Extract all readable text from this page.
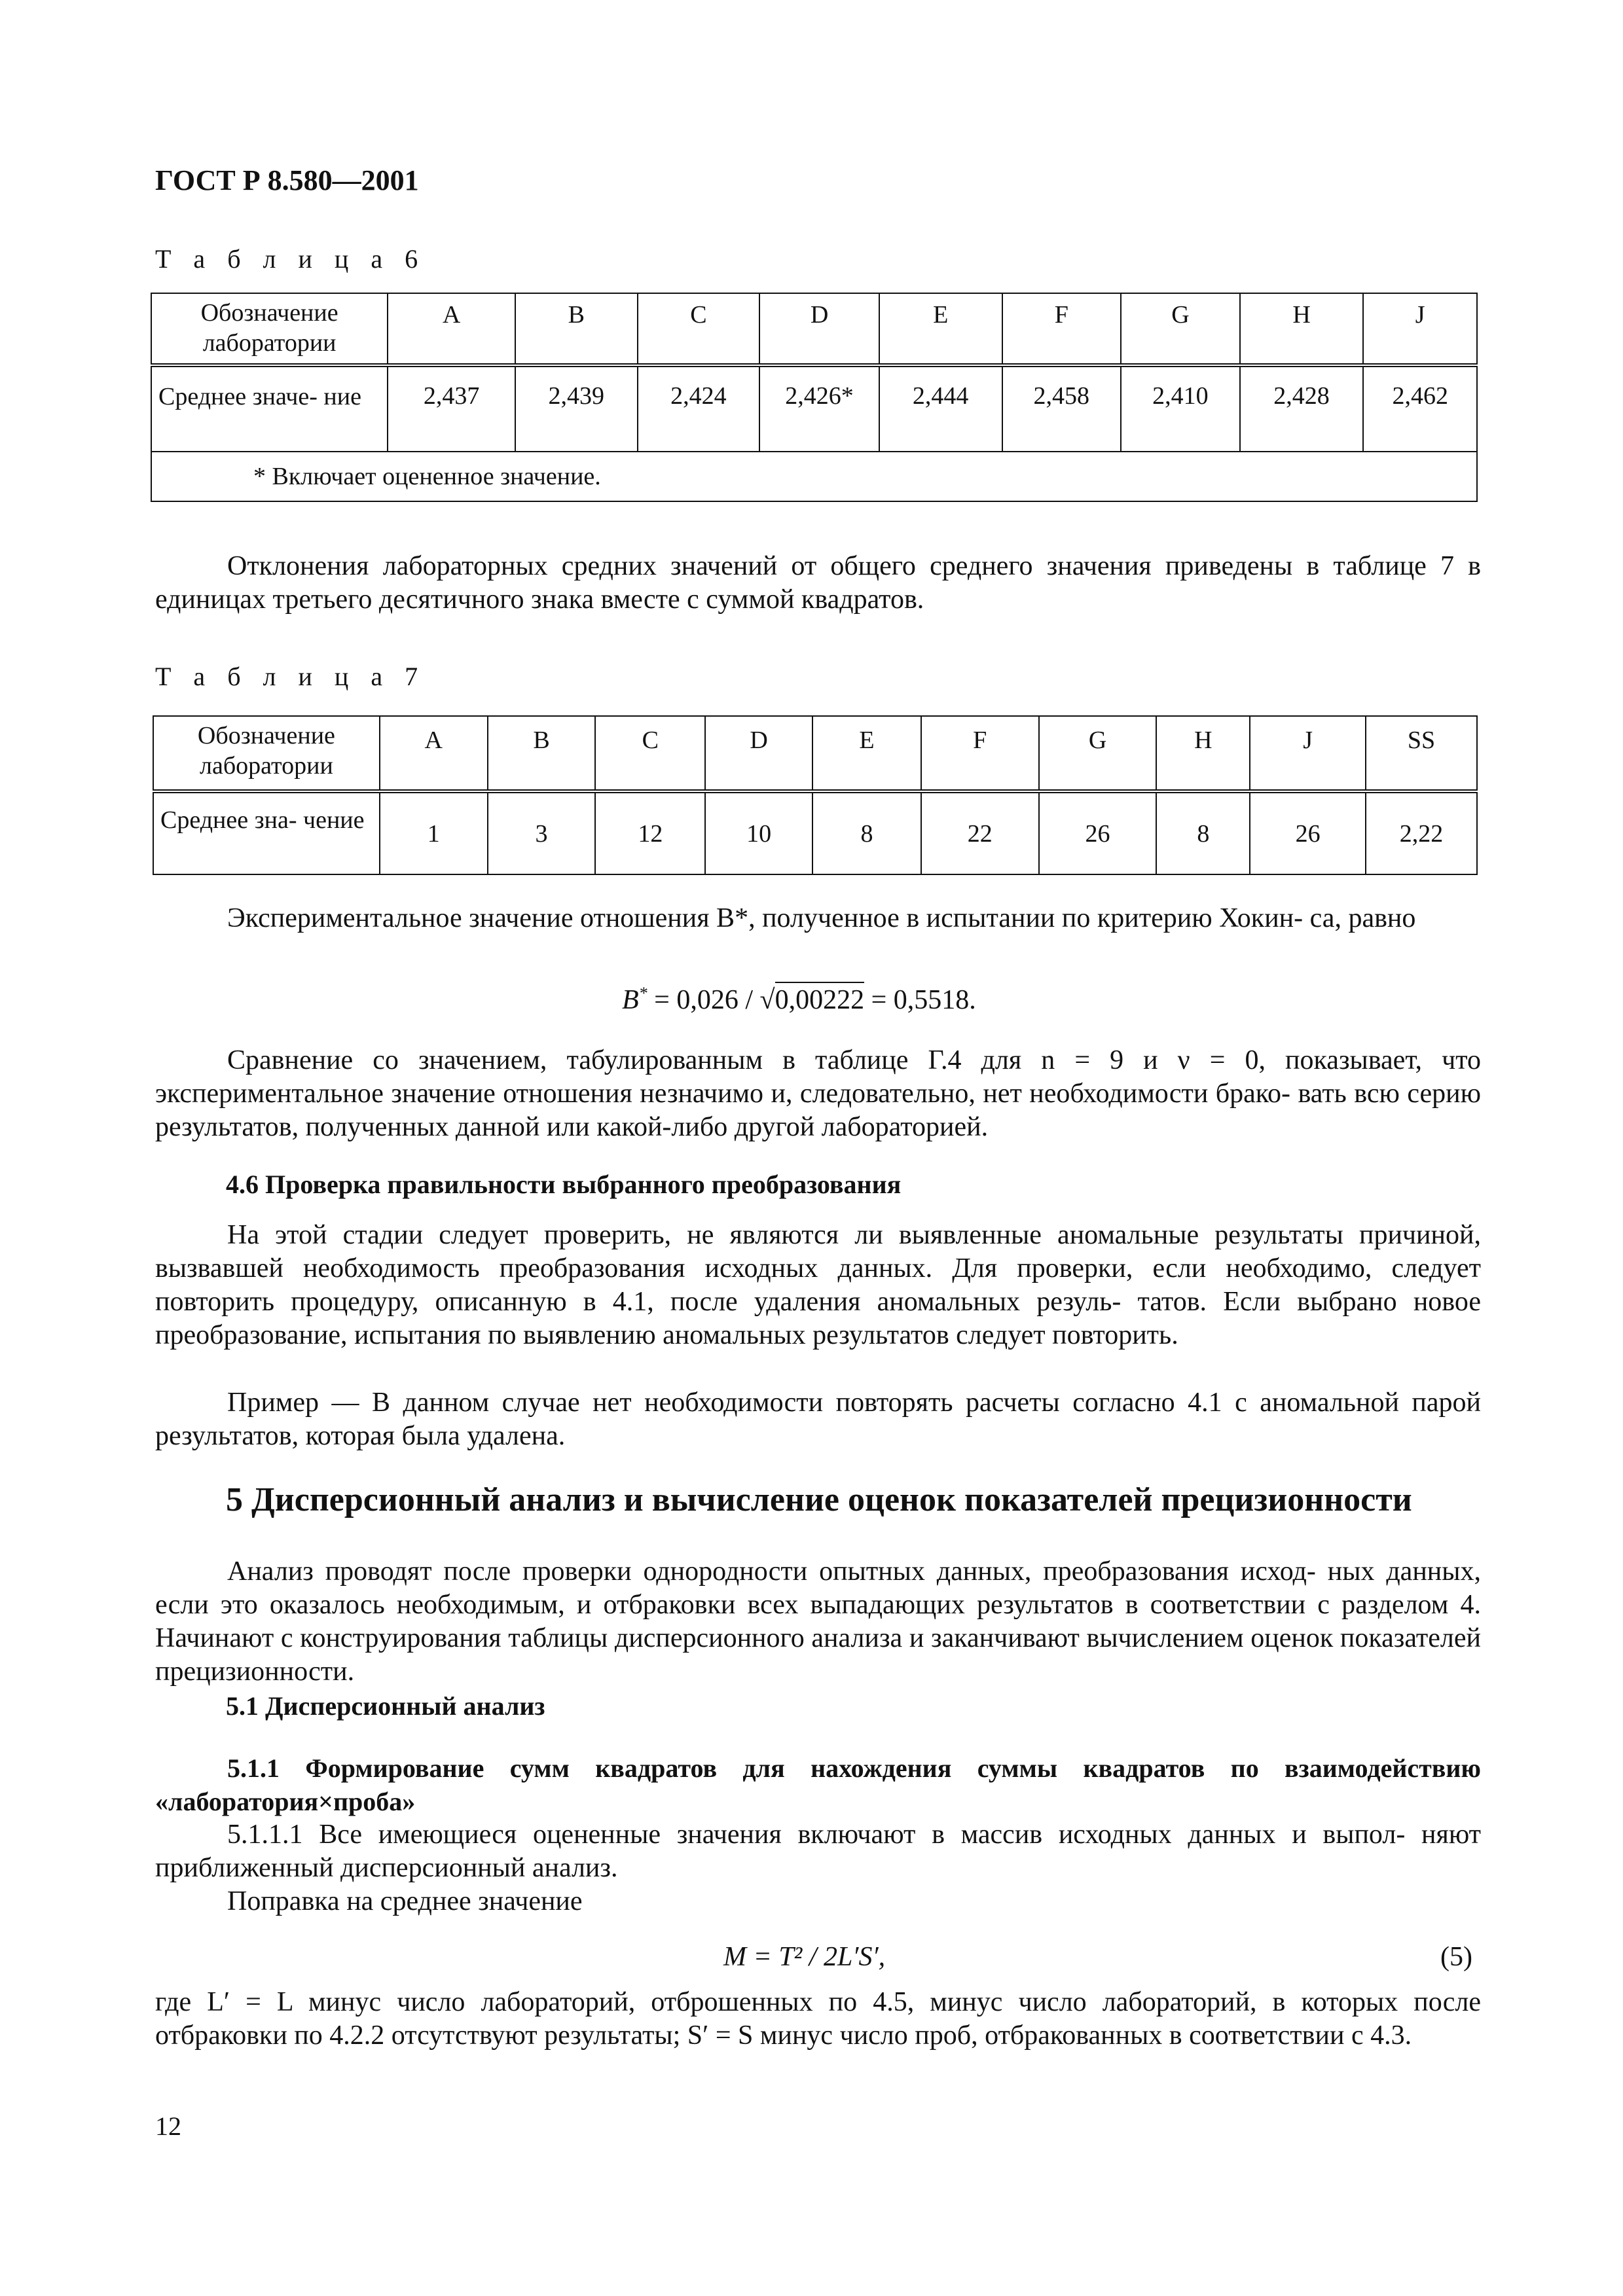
ГОСТ Р 8.580—2001
Т а б л и ц а 6
Обозначение лаборатории	A	B	C	D	E	F	G	H	J
Среднее значе- ние	2,437	2,439	2,424	2,426*	2,444	2,458	2,410	2,428	2,462
* Включает оцененное значение.									
Отклонения лабораторных средних значений от общего среднего значения приведены в таблице 7 в единицах третьего десятичного знака вместе с суммой квадратов.
Т а б л и ц а 7
Обозначение лаборатории	A	B	C	D	E	F	G	H	J	SS
Среднее зна- чение	1	3	12	10	8	22	26	8	26	2,22
Экспериментальное значение отношения B*, полученное в испытании по критерию Хокин- са, равно
B* = 0,026 / √0,00222 = 0,5518.
Сравнение со значением, табулированным в таблице Г.4 для n = 9 и ν = 0, показывает, что экспериментальное значение отношения незначимо и, следовательно, нет необходимости брако- вать всю серию результатов, полученных данной или какой-либо другой лабораторией.
4.6 Проверка правильности выбранного преобразования
На этой стадии следует проверить, не являются ли выявленные аномальные результаты причиной, вызвавшей необходимость преобразования исходных данных. Для проверки, если необходимо, следует повторить процедуру, описанную в 4.1, после удаления аномальных резуль- татов. Если выбрано новое преобразование, испытания по выявлению аномальных результатов следует повторить.
Пример — В данном случае нет необходимости повторять расчеты согласно 4.1 с аномальной парой результатов, которая была удалена.
5 Дисперсионный анализ и вычисление оценок показателей прецизионности
Анализ проводят после проверки однородности опытных данных, преобразования исход- ных данных, если это оказалось необходимым, и отбраковки всех выпадающих результатов в соответствии с разделом 4. Начинают с конструирования таблицы дисперсионного анализа и заканчивают вычислением оценок показателей прецизионности.
5.1 Дисперсионный анализ
5.1.1 Формирование сумм квадратов для нахождения суммы квадратов по взаимодействию «лаборатория×проба»
5.1.1.1 Все имеющиеся оцененные значения включают в массив исходных данных и выпол- няют приближенный дисперсионный анализ.
Поправка на среднее значение
M = T² / 2L′S′,	(5)
где L′ = L минус число лабораторий, отброшенных по 4.5, минус число лабораторий, в которых после отбраковки по 4.2.2 отсутствуют результаты; S′ = S минус число проб, отбракованных в соответствии с 4.3.
12
